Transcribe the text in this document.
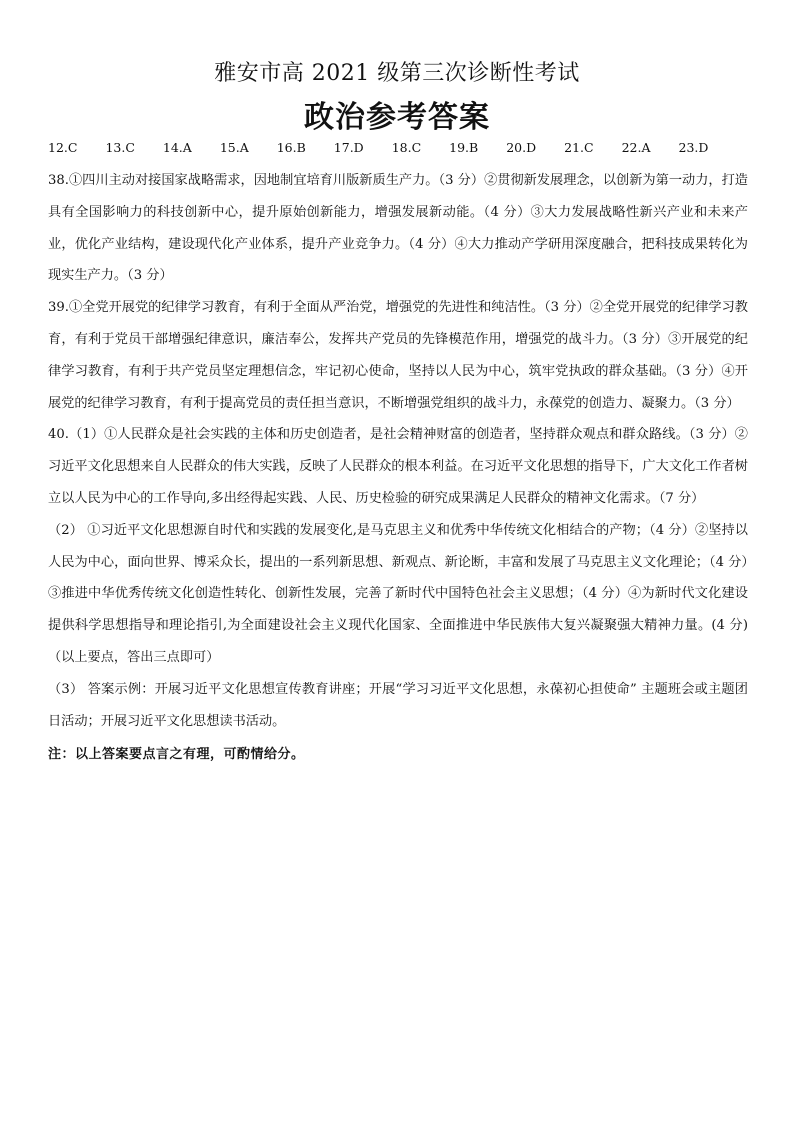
雅安市高 2021 级第三次诊断性考试
政治参考答案
12.C 13.C 14.A 15.A 16.B 17.D 18.C 19.B 20.D 21.C 22.A 23.D

38.①四川主动对接国家战略需求，因地制宜培育川版新质生产力。（3 分）②贯彻新发展理念，以创新为第一动力，打造具有全国影响力的科技创新中心，提升原始创新能力，增强发展新动能。（4 分）③大力发展战略性新兴产业和未来产业，优化产业结构，建设现代化产业体系，提升产业竞争力。（4 分）④大力推动产学研用深度融合，把科技成果转化为现实生产力。（3 分）

39.①全党开展党的纪律学习教育，有利于全面从严治党，增强党的先进性和纯洁性。（3 分）②全党开展党的纪律学习教育，有利于党员干部增强纪律意识，廉洁奉公，发挥共产党员的先锋模范作用，增强党的战斗力。（3 分）③开展党的纪律学习教育，有利于共产党员坚定理想信念，牢记初心使命，坚持以人民为中心，筑牢党执政的群众基础。（3 分）④开展党的纪律学习教育，有利于提高党员的责任担当意识，不断增强党组织的战斗力，永葆党的创造力、凝聚力。（3 分）

40.（1）①人民群众是社会实践的主体和历史创造者，是社会精神财富的创造者，坚持群众观点和群众路线。（3 分）②习近平文化思想来自人民群众的伟大实践，反映了人民群众的根本利益。在习近平文化思想的指导下，广大文化工作者树立以人民为中心的工作导向,多出经得起实践、人民、历史检验的研究成果满足人民群众的精神文化需求。（7 分）

（2） ①习近平文化思想源自时代和实践的发展变化,是马克思主义和优秀中华传统文化相结合的产物；（4 分）②坚持以人民为中心，面向世界、博采众长，提出的一系列新思想、新观点、新论断，丰富和发展了马克思主义文化理论；（4 分）③推进中华优秀传统文化创造性转化、创新性发展，完善了新时代中国特色社会主义思想；（4 分）④为新时代文化建设提供科学思想指导和理论指引,为全面建设社会主义现代化国家、全面推进中华民族伟大复兴凝聚强大精神力量。(4 分)（以上要点，答出三点即可）

（3） 答案示例：开展习近平文化思想宣传教育讲座；开展“学习习近平文化思想，永葆初心担使命” 主题班会或主题团日活动；开展习近平文化思想读书活动。

注：以上答案要点言之有理，可酌情给分。
